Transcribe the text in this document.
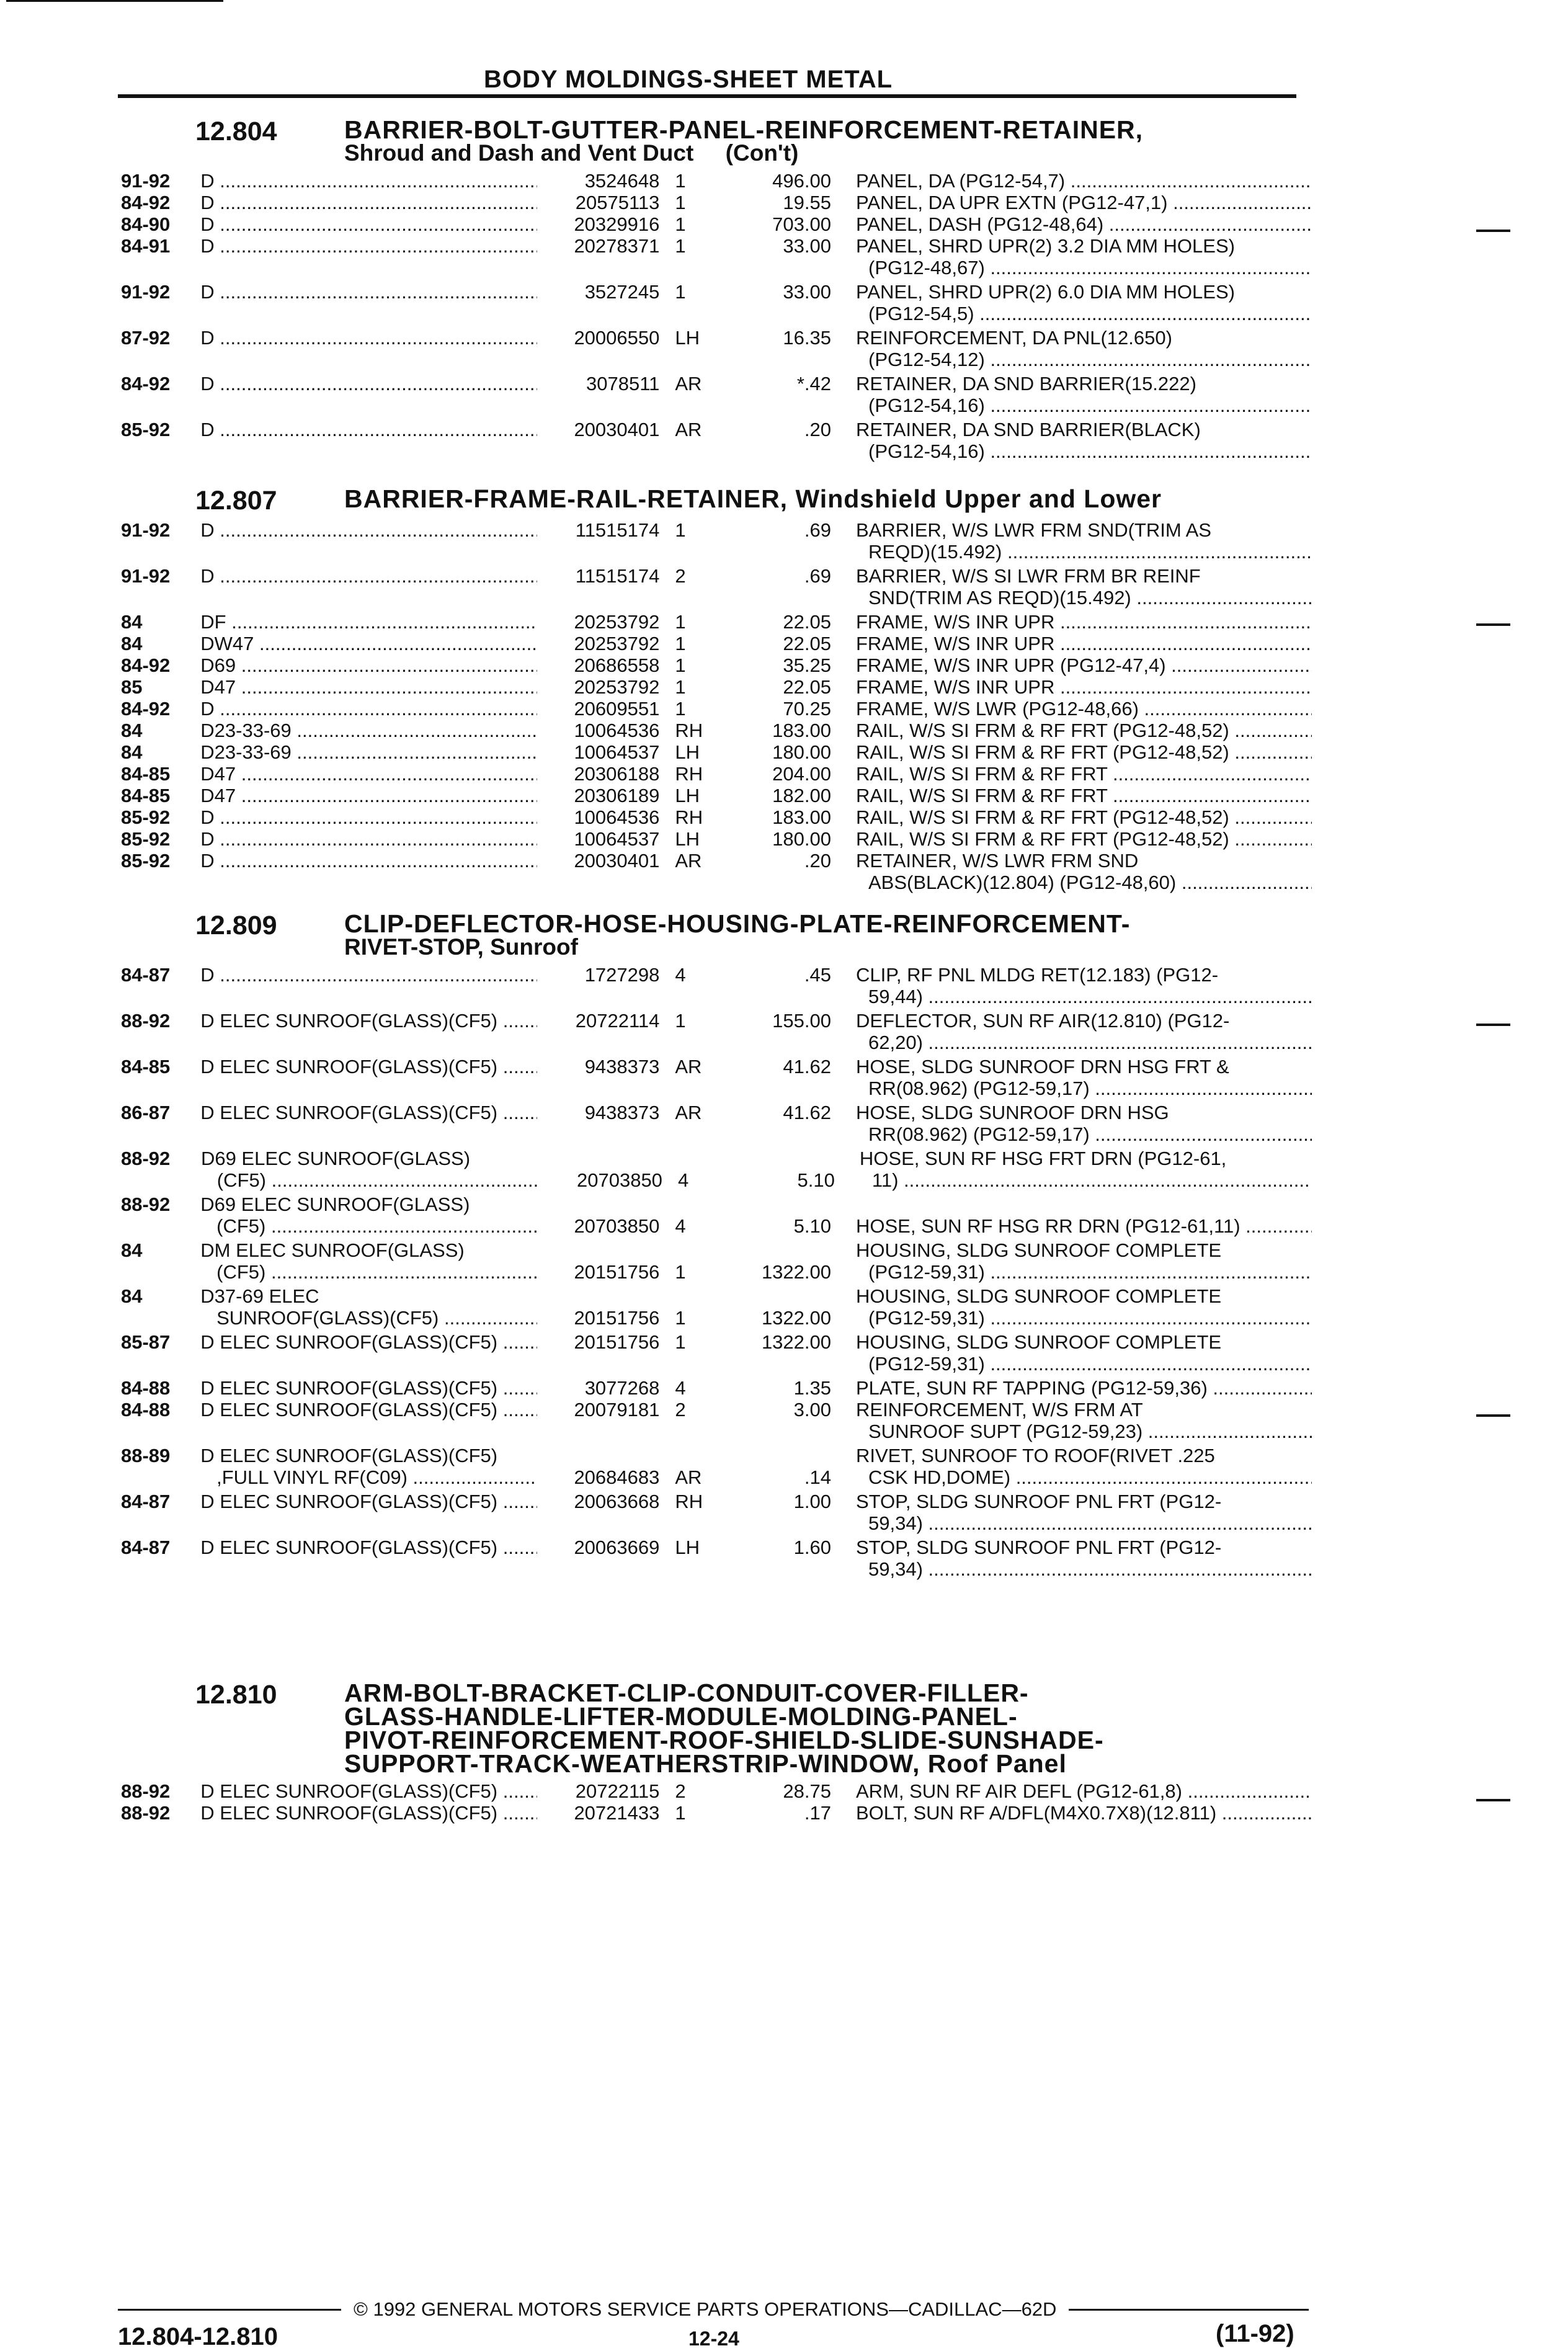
BODY MOLDINGS-SHEET METAL
12.804	BARRIER-BOLT-GUTTER-PANEL-REINFORCEMENT-RETAINER,
Shroud and Dash and Vent Duct     (Con't)
91-92	D .....	3524648 1	496.00 PANEL, DA (PG12-54,7) .....
84-92	D .....	20575113 1	19.55 PANEL, DA UPR EXTN (PG12-47,1) .....
84-90	D .....	20329916 1	703.00 PANEL, DASH (PG12-48,64) .....
84-91	D .....	20278371 1	33.00 PANEL, SHRD UPR(2) 3.2 DIA MM HOLES)
(PG12-48,67) .....
91-92	D .....	3527245 1	33.00 PANEL, SHRD UPR(2) 6.0 DIA MM HOLES)
(PG12-54,5) .....
87-92	D .....	20006550 LH	16.35 REINFORCEMENT, DA PNL(12.650)
(PG12-54,12) .....
84-92	D .....	3078511 AR	*.42 RETAINER, DA SND BARRIER(15.222)
(PG12-54,16) .....
85-92	D .....	20030401 AR	.20 RETAINER, DA SND BARRIER(BLACK)
(PG12-54,16) .....
12.807	BARRIER-FRAME-RAIL-RETAINER, Windshield Upper and Lower
91-92	D .....	11515174 1	.69 BARRIER, W/S LWR FRM SND(TRIM AS
REQD)(15.492) .....
91-92	D .....	11515174 2	.69 BARRIER, W/S SI LWR FRM BR REINF
SND(TRIM AS REQD)(15.492) .....
84	DF .....	20253792 1	22.05 FRAME, W/S INR UPR .....
84	DW47 .....	20253792 1	22.05 FRAME, W/S INR UPR .....
84-92	D69 .....	20686558 1	35.25 FRAME, W/S INR UPR (PG12-47,4) .....
85	D47 .....	20253792 1	22.05 FRAME, W/S INR UPR .....
84-92	D .....	20609551 1	70.25 FRAME, W/S LWR (PG12-48,66) .....
84	D23-33-69 .....	10064536 RH	183.00 RAIL, W/S SI FRM & RF FRT (PG12-48,52) .....
84	D23-33-69 .....	10064537 LH	180.00 RAIL, W/S SI FRM & RF FRT (PG12-48,52) .....
84-85	D47 .....	20306188 RH	204.00 RAIL, W/S SI FRM & RF FRT .....
84-85	D47 .....	20306189 LH	182.00 RAIL, W/S SI FRM & RF FRT .....
85-92	D .....	10064536 RH	183.00 RAIL, W/S SI FRM & RF FRT (PG12-48,52) .....
85-92	D .....	10064537 LH	180.00 RAIL, W/S SI FRM & RF FRT (PG12-48,52) .....
85-92	D .....	20030401 AR	.20 RETAINER, W/S LWR FRM SND
ABS(BLACK)(12.804) (PG12-48,60) .....
12.809	CLIP-DEFLECTOR-HOSE-HOUSING-PLATE-REINFORCEMENT-
RIVET-STOP, Sunroof
84-87	D .....	1727298 4	.45 CLIP, RF PNL MLDG RET(12.183) (PG12-
59,44) .....
88-92	D ELEC SUNROOF(GLASS)(CF5) .....	20722114 1	155.00 DEFLECTOR, SUN RF AIR(12.810) (PG12-
62,20) .....
84-85	D ELEC SUNROOF(GLASS)(CF5) .....	9438373 AR	41.62 HOSE, SLDG SUNROOF DRN HSG FRT &
RR(08.962) (PG12-59,17) .....
86-87	D ELEC SUNROOF(GLASS)(CF5) .....	9438373 AR	41.62 HOSE, SLDG SUNROOF DRN HSG
RR(08.962) (PG12-59,17) .....
88-92	D69 ELEC SUNROOF(GLASS)
(CF5) .....	20703850 4	5.10
HOSE, SUN RF HSG FRT DRN (PG12-61,
11) .....
88-92	D69 ELEC SUNROOF(GLASS)
(CF5) .....	20703850 4	5.10 HOSE, SUN RF HSG RR DRN (PG12-61,11) .....
84	DM ELEC SUNROOF(GLASS)
(CF5) .....	20151756 1	1322.00
HOUSING, SLDG SUNROOF COMPLETE
(PG12-59,31) .....
84	D37-69 ELEC
SUNROOF(GLASS)(CF5) .....	20151756 1	1322.00
HOUSING, SLDG SUNROOF COMPLETE
(PG12-59,31) .....
85-87	D ELEC SUNROOF(GLASS)(CF5) .....	20151756 1	1322.00 HOUSING, SLDG SUNROOF COMPLETE
(PG12-59,31) .....
84-88	D ELEC SUNROOF(GLASS)(CF5) .....	3077268 4	1.35 PLATE, SUN RF TAPPING (PG12-59,36) .....
84-88	D ELEC SUNROOF(GLASS)(CF5) .....	20079181 2	3.00 REINFORCEMENT, W/S FRM AT
SUNROOF SUPT (PG12-59,23) .....
88-89	D ELEC SUNROOF(GLASS)(CF5)
,FULL VINYL RF(C09) .....	20684683 AR	.14
RIVET, SUNROOF TO ROOF(RIVET .225
CSK HD,DOME) .....
84-87	D ELEC SUNROOF(GLASS)(CF5) .....	20063668 RH	1.00 STOP, SLDG SUNROOF PNL FRT (PG12-
59,34) .....
84-87	D ELEC SUNROOF(GLASS)(CF5) .....	20063669 LH	1.60 STOP, SLDG SUNROOF PNL FRT (PG12-
59,34) .....
12.810	ARM-BOLT-BRACKET-CLIP-CONDUIT-COVER-FILLER-
GLASS-HANDLE-LIFTER-MODULE-MOLDING-PANEL-
PIVOT-REINFORCEMENT-ROOF-SHIELD-SLIDE-SUNSHADE-
SUPPORT-TRACK-WEATHERSTRIP-WINDOW, Roof Panel
88-92	D ELEC SUNROOF(GLASS)(CF5) .....	20722115 2	28.75 ARM, SUN RF AIR DEFL (PG12-61,8) .....
88-92	D ELEC SUNROOF(GLASS)(CF5) .....	20721433 1	.17 BOLT, SUN RF A/DFL(M4X0.7X8)(12.811) .....
© 1992 GENERAL MOTORS SERVICE PARTS OPERATIONS—CADILLAC—62D
12.804-12.810	12-24	(11-92)
